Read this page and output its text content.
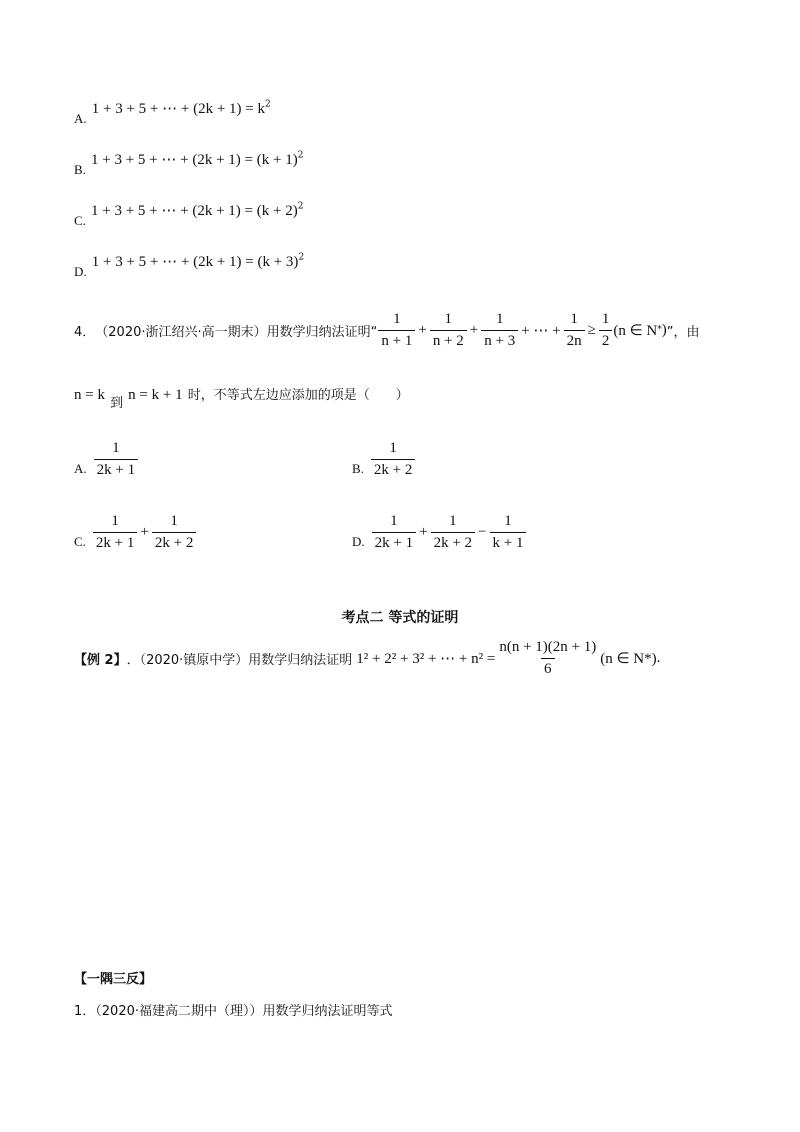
$_{A.}$ 1 + 3 + 5 + ⋯ + $(2k + 1) = k^2$
$_{B.}$ 1 + 3 + 5 + ⋯ + $(2k + 1) = (k + 1)^2$
$_{C.}$ 1 + 3 + 5 + ⋯ + $(2k + 1) = (k + 2)^2$
$_{D.}$ 1 + 3 + 5 + ⋯ + $(2k + 1) = (k + 3)^2$
4． （2020·浙江绍兴·高一期末）用数学归纳法证明“ $\frac{1}{n + 1} + \frac{1}{n + 2} + \frac{1}{n + 3}$ + ⋯ + $\frac{1}{2n} \ge \frac{1}{2} (n$ ∈ N * ) ”，由
n = k $_到$ n = k + 1 时，不等式左边应添加的项是（　　）
A. $\frac{1}{2k + 1}$	B. $\frac{1}{2k + 2}$
C. $\frac{1}{2k + 1} + \frac{1}{2k + 2}$	D. $\frac{1}{2k + 1} + \frac{1}{2k + 2} - \frac{1}{k + 1}$
考点二 等式的证明
【例 2】 ．（2020·镇原中学）用数学归纳法证明 1² + 2² + 3² + ⋯ + $n^2 = \frac{n(n + 1)(2n + 1)}{6} (n$ ∈ N*) .
【一隅三反】
1．（2020·福建高二期中（理））用数学归纳法证明等式
